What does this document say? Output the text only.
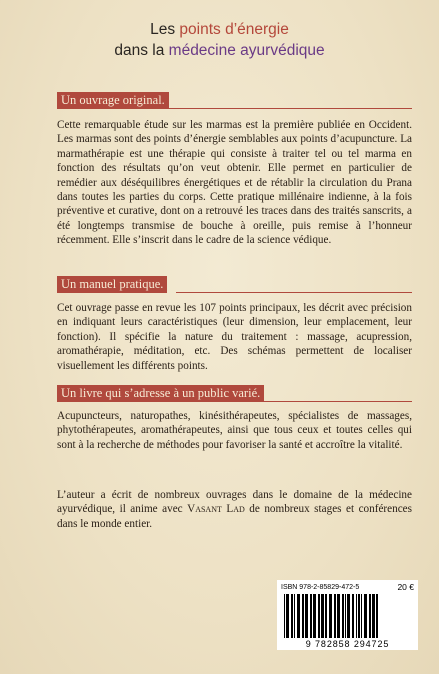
Les points d’énergie
dans la médecine ayurvédique
Un ouvrage original.

Cette remarquable étude sur les marmas est la première publiée en Occident. Les marmas sont des points d’énergie semblables aux points d’acupuncture. La marmathérapie est une thérapie qui consiste à traiter tel ou tel marma en fonction des résultats qu’on veut obtenir. Elle permet en particulier de remédier aux déséquilibres énergétiques et de rétablir la circulation du Prana dans toutes les parties du corps. Cette pratique millénaire indienne, à la fois préventive et curative, dont on a retrouvé les traces dans des traités sanscrits, a été longtemps transmise de bouche à oreille, puis remise à l’honneur récemment. Elle s’inscrit dans le cadre de la science védique.

Un manuel pratique.

Cet ouvrage passe en revue les 107 points principaux, les décrit avec précision en indiquant leurs caractéristiques (leur dimension, leur emplacement, leur fonction). Il spécifie la nature du traitement : massage, acupression, aromathérapie, méditation, etc. Des schémas permettent de localiser visuellement les différents points.

Un livre qui s’adresse à un public varié.

Acupuncteurs, naturopathes, kinésithérapeutes, spécialistes de massages, phytothérapeutes, aromathérapeutes, ainsi que tous ceux et toutes celles qui sont à la recherche de méthodes pour favoriser la santé et accroître la vitalité.

L’auteur a écrit de nombreux ouvrages dans le domaine de la médecine ayurvédique, il anime avec Vasant Lad de nombreux stages et conférences dans le monde entier.

ISBN 978-2-85829-472-5	20 €
9 782858 294725
